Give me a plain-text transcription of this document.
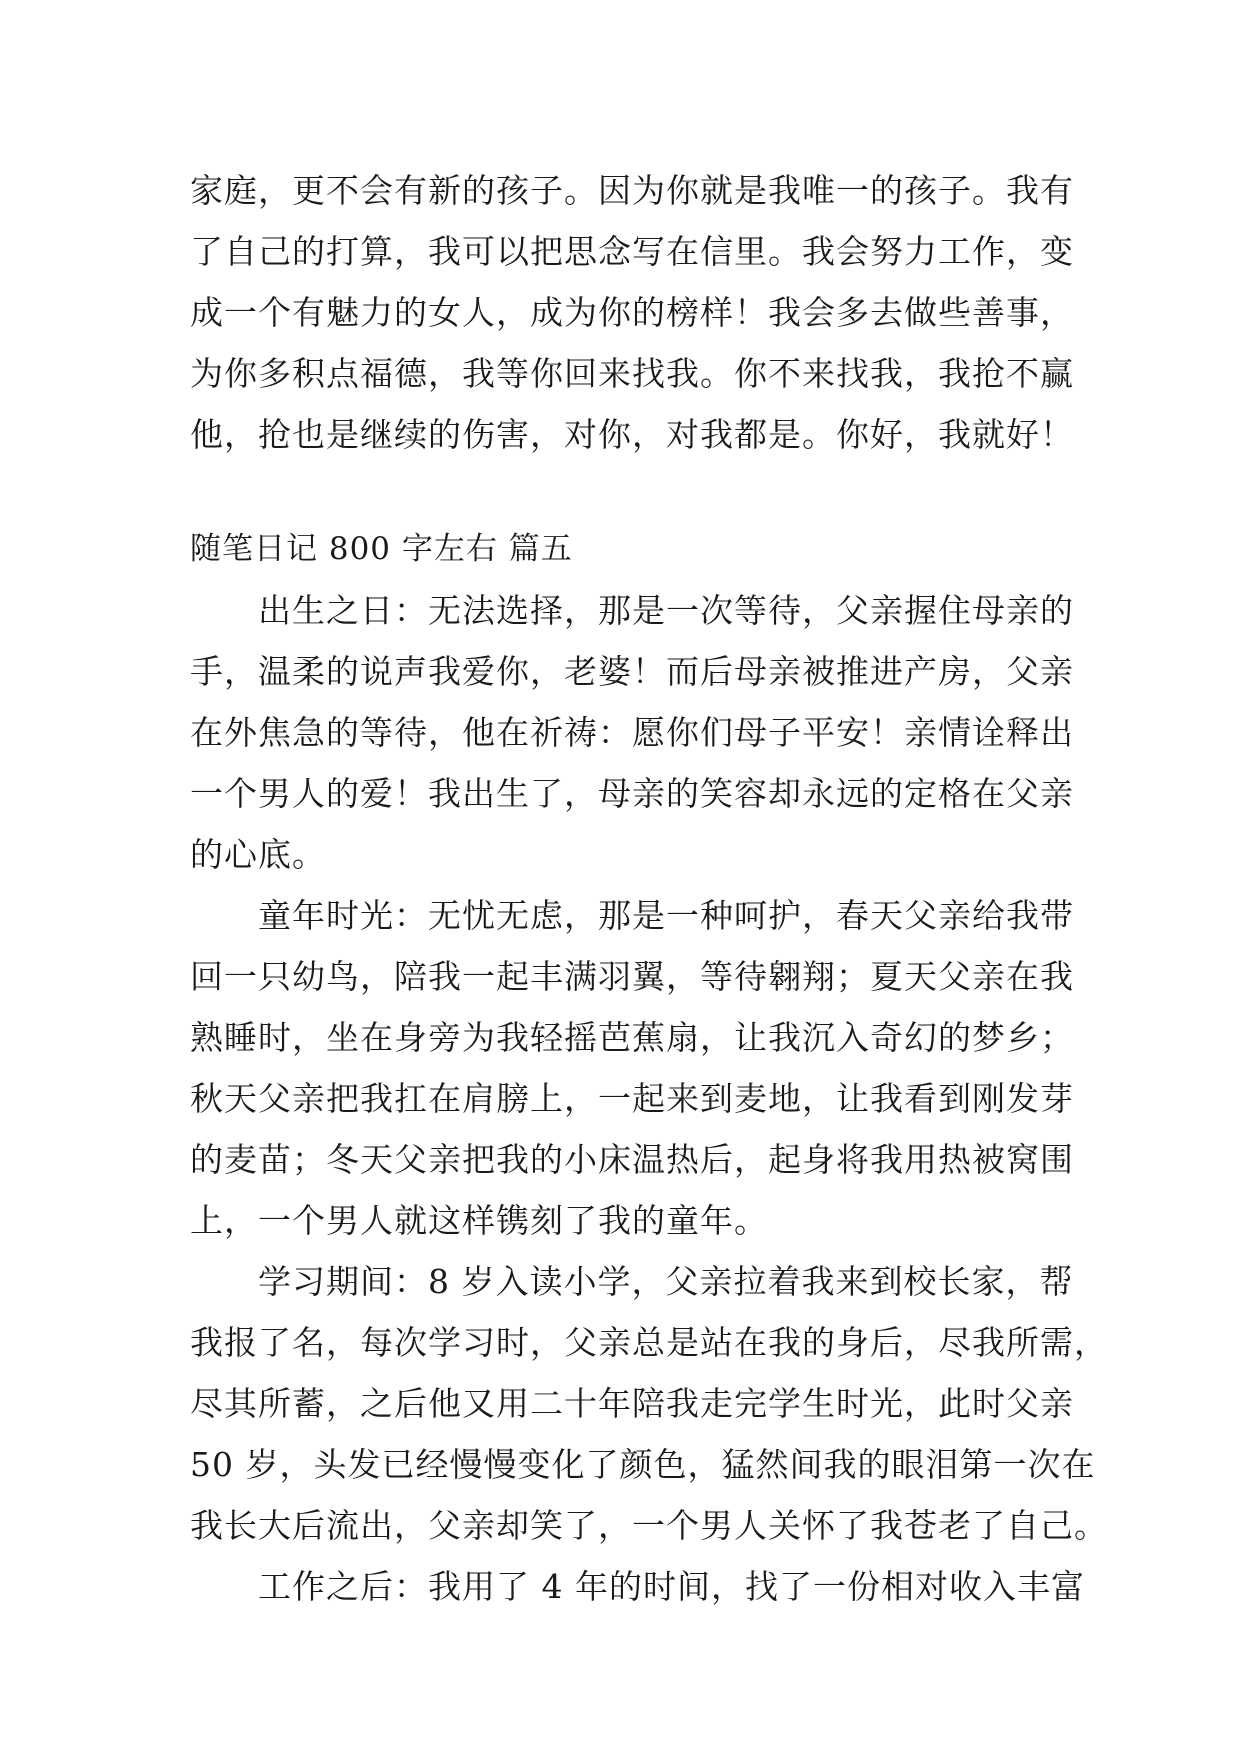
家庭，更不会有新的孩子。因为你就是我唯一的孩子。我有
了自己的打算，我可以把思念写在信里。我会努力工作，变
成一个有魅力的女人，成为你的榜样！我会多去做些善事，
为你多积点福德，我等你回来找我。你不来找我，我抢不赢
他，抢也是继续的伤害，对你，对我都是。你好，我就好！
随笔日记 800 字左右 篇五
　　出生之日：无法选择，那是一次等待，父亲握住母亲的
手，温柔的说声我爱你，老婆！而后母亲被推进产房，父亲
在外焦急的等待，他在祈祷：愿你们母子平安！亲情诠释出
一个男人的爱！我出生了，母亲的笑容却永远的定格在父亲
的心底。
　　童年时光：无忧无虑，那是一种呵护，春天父亲给我带
回一只幼鸟，陪我一起丰满羽翼，等待翱翔；夏天父亲在我
熟睡时，坐在身旁为我轻摇芭蕉扇，让我沉入奇幻的梦乡；
秋天父亲把我扛在肩膀上，一起来到麦地，让我看到刚发芽
的麦苗；冬天父亲把我的小床温热后，起身将我用热被窝围
上，一个男人就这样镌刻了我的童年。
　　学习期间：8 岁入读小学，父亲拉着我来到校长家，帮
我报了名，每次学习时，父亲总是站在我的身后，尽我所需，
尽其所蓄，之后他又用二十年陪我走完学生时光，此时父亲
50 岁，头发已经慢慢变化了颜色，猛然间我的眼泪第一次在
我长大后流出，父亲却笑了，一个男人关怀了我苍老了自己。
　　工作之后：我用了 4 年的时间，找了一份相对收入丰富
